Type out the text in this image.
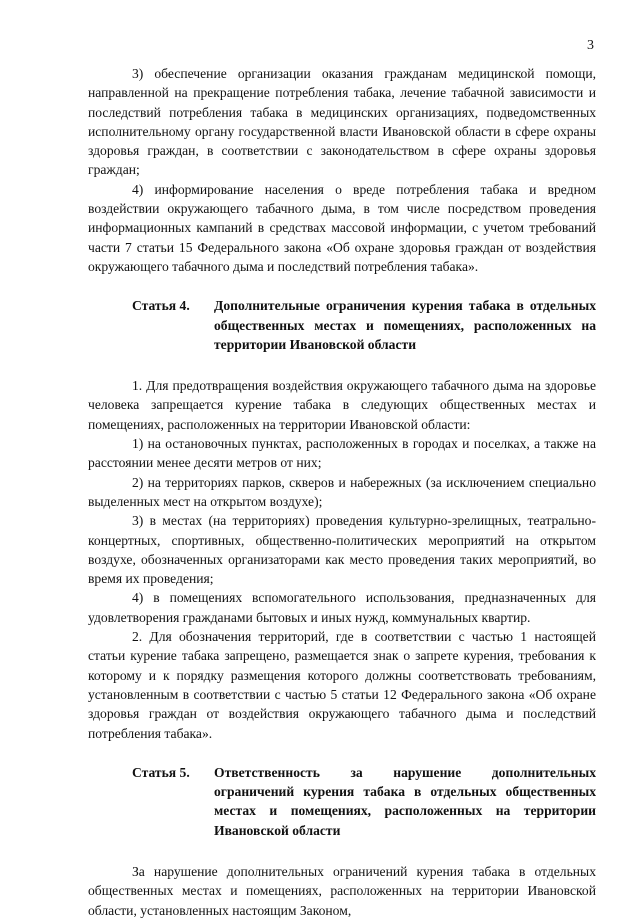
3

3) обеспечение организации оказания гражданам медицинской помощи, направленной на прекращение потребления табака, лечение табачной зависимости и последствий потребления табака в медицинских организациях, подведомственных исполнительному органу государственной власти Ивановской области в сфере охраны здоровья граждан, в соответствии с законодательством в сфере охраны здоровья граждан;

4) информирование населения о вреде потребления табака и вредном воздействии окружающего табачного дыма, в том числе посредством проведения информационных кампаний в средствах массовой информации, с учетом требований части 7 статьи 15 Федерального закона «Об охране здоровья граждан от воздействия окружающего табачного дыма и последствий потребления табака».

Статья 4.	Дополнительные ограничения курения табака в отдельных общественных местах и помещениях, расположенных на территории Ивановской области

1. Для предотвращения воздействия окружающего табачного дыма на здоровье человека запрещается курение табака в следующих общественных местах и помещениях, расположенных на территории Ивановской области:

1) на остановочных пунктах, расположенных в городах и поселках, а также на расстоянии менее десяти метров от них;

2) на территориях парков, скверов и набережных (за исключением специально выделенных мест на открытом воздухе);

3) в местах (на территориях) проведения культурно-зрелищных, театрально-концертных, спортивных, общественно-политических мероприятий на открытом воздухе, обозначенных организаторами как место проведения таких мероприятий, во время их проведения;

4) в помещениях вспомогательного использования, предназначенных для удовлетворения гражданами бытовых и иных нужд, коммунальных квартир.

2. Для обозначения территорий, где в соответствии с частью 1 настоящей статьи курение табака запрещено, размещается знак о запрете курения, требования к которому и к порядку размещения которого должны соответствовать требованиям, установленным в соответствии с частью 5 статьи 12 Федерального закона «Об охране здоровья граждан от воздействия окружающего табачного дыма и последствий потребления табака».

Статья 5.	Ответственность за нарушение дополнительных ограничений курения табака в отдельных общественных местах и помещениях, расположенных на территории Ивановской области

За нарушение дополнительных ограничений курения табака в отдельных общественных местах и помещениях, расположенных на территории Ивановской области, установленных настоящим Законом,
